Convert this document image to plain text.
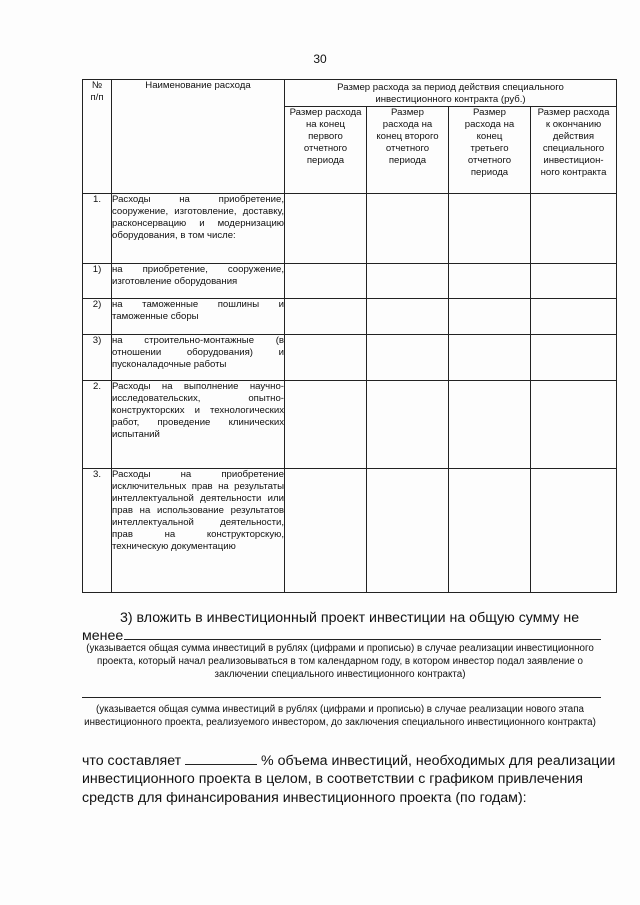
30
№
п/п	Наименование расхода	Размер расхода за период действия специального инвестиционного контракта (руб.)			

		Размер расхода на конец первого отчетного периода	Размер расхода на конец второго отчетного периода	Размер расхода на конец третьего отчетного периода	Размер расхода к окончанию действия специального инвестицион-ного контракта

1.	Расходы на приобретение, сооружение, изготовление, доставку, расконсервацию и модернизацию оборудования, в том числе:				
1)	на приобретение, сооружение, изготовление оборудования				
2)	на таможенные пошлины и таможенные сборы				
3)	на строительно-монтажные (в отношении оборудования) и пусконаладочные работы				
2.	Расходы на выполнение научно-исследовательских, опытно-конструкторских и технологических работ, проведение клинических испытаний				
3.	Расходы на приобретение исключительных прав на результаты интеллектуальной деятельности или прав на использование результатов интеллектуальной деятельности, прав на конструкторскую, техническую документацию				
3) вложить в инвестиционный проект инвестиции на общую сумму не
менее
(указывается общая сумма инвестиций в рублях (цифрами и прописью) в случае реализации инвестиционного проекта, который начал реализовываться в том календарном году, в котором инвестор подал заявление о заключении специального инвестиционного контракта)
(указывается общая сумма инвестиций в рублях (цифрами и прописью) в случае реализации нового этапа инвестиционного проекта, реализуемого инвестором, до заключения специального инвестиционного контракта)
что составляет	% объема инвестиций, необходимых для реализации
инвестиционного проекта в целом, в соответствии с графиком привлечения
средств для финансирования инвестиционного проекта (по годам):
